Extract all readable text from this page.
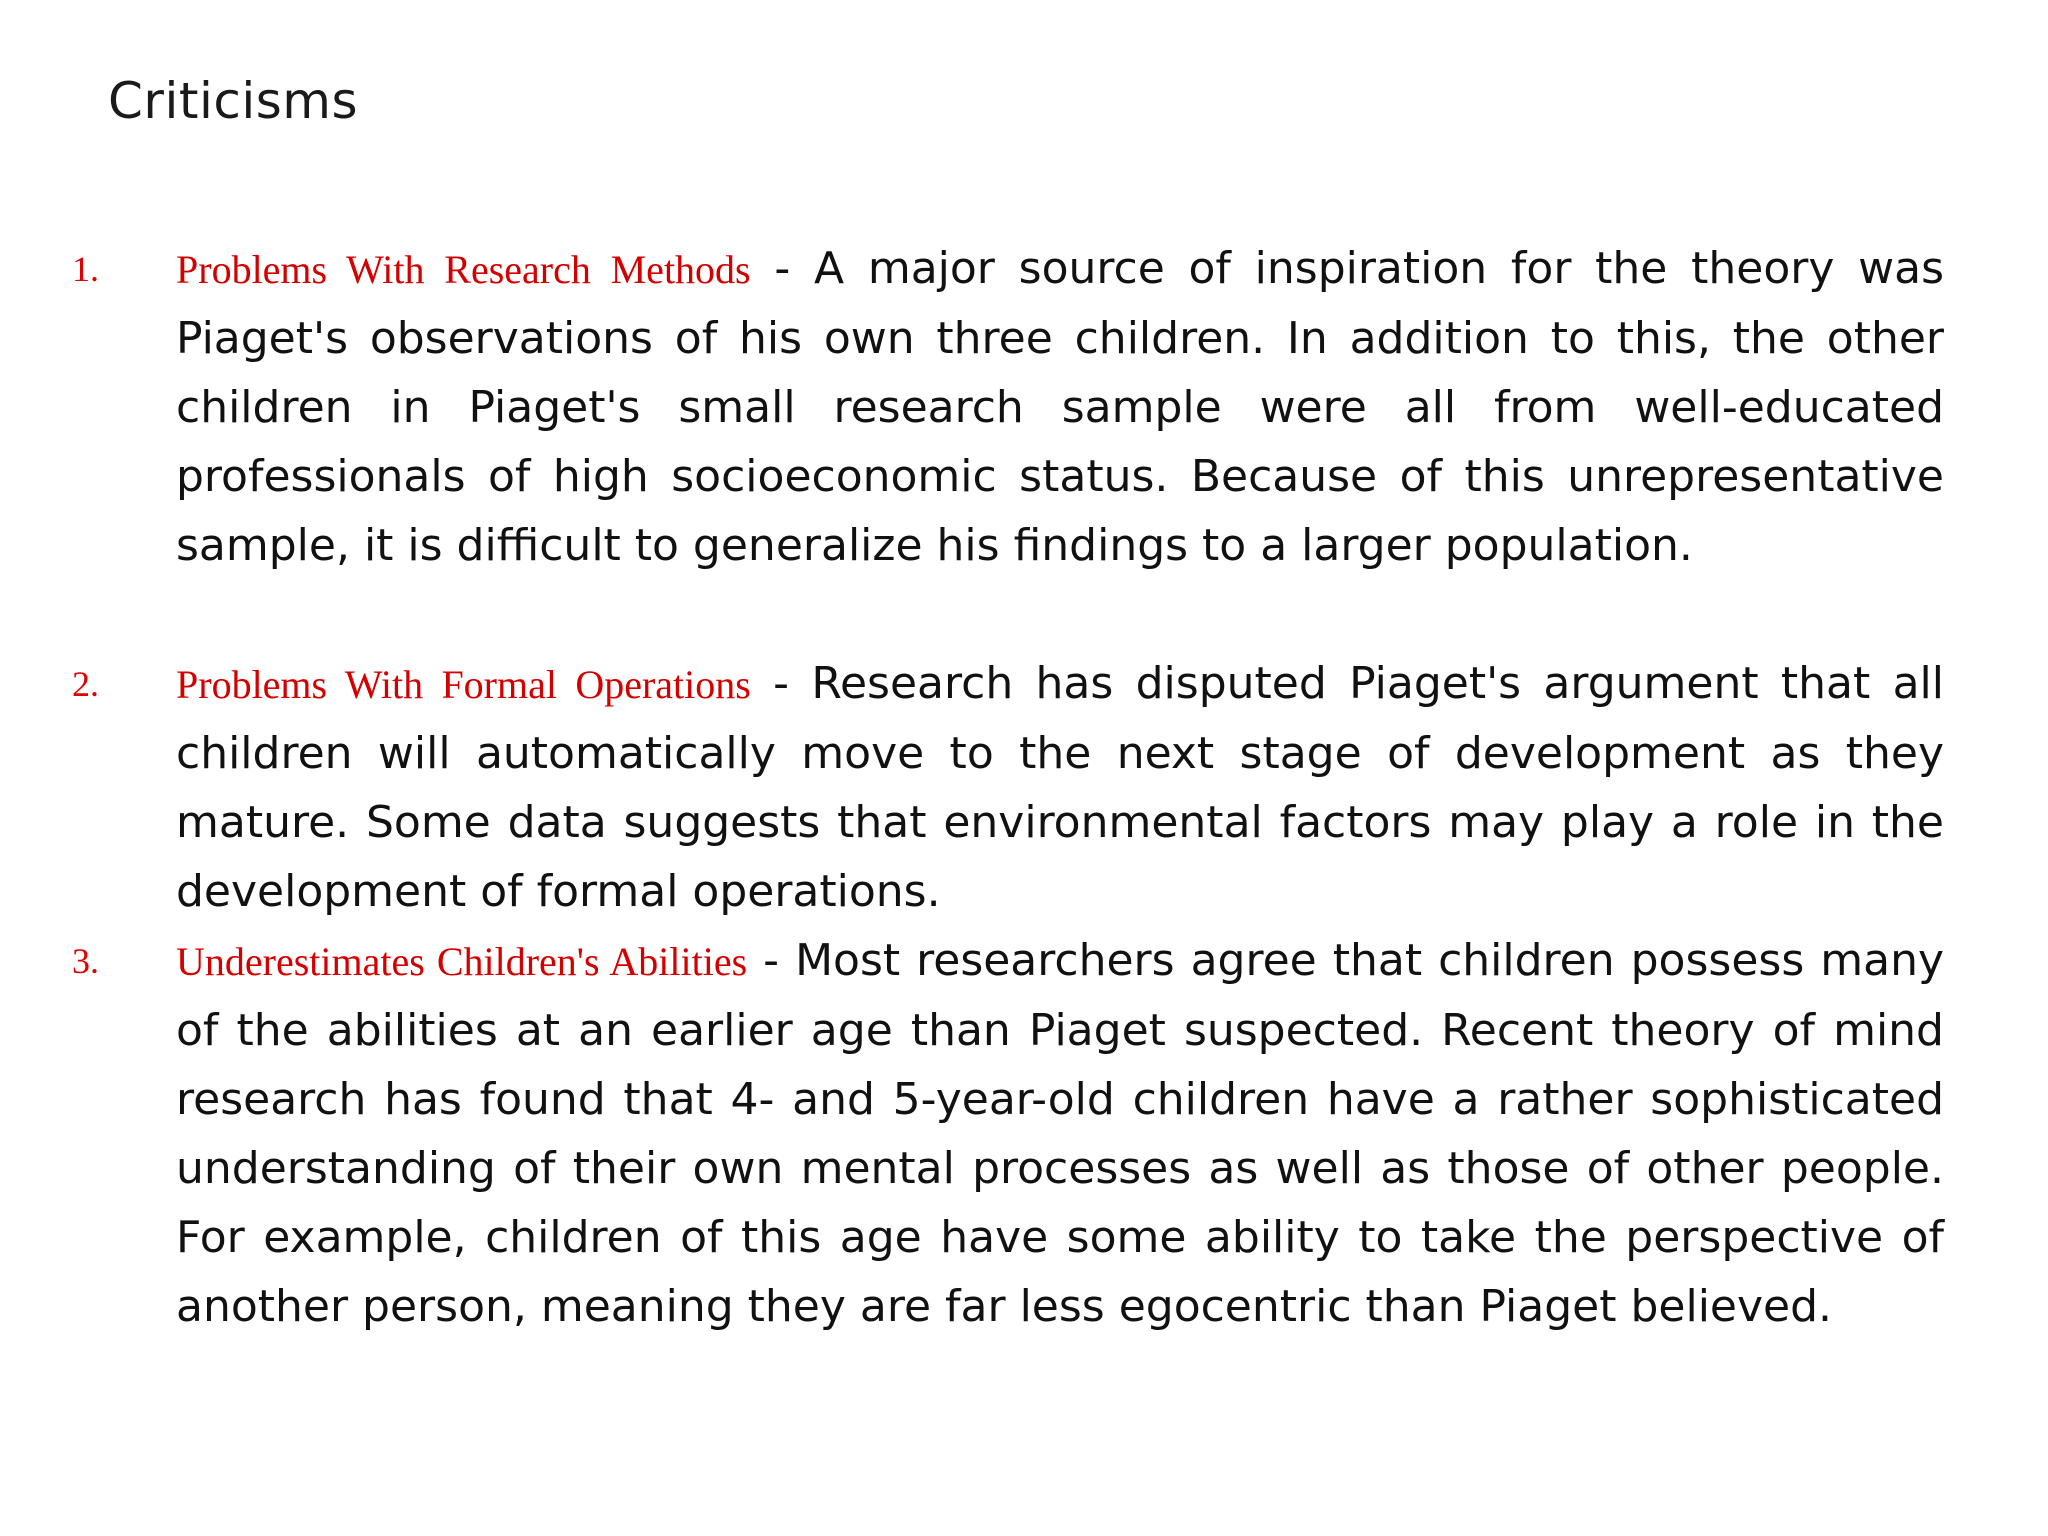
Criticisms
1. Problems With Research Methods - A major source of inspiration for the theory was Piaget's observations of his own three children. In addition to this, the other children in Piaget's small research sample were all from well-educated professionals of high socioeconomic status. Because of this unrepresentative sample, it is difficult to generalize his findings to a larger population.

2. Problems With Formal Operations - Research has disputed Piaget's argument that all children will automatically move to the next stage of development as they mature. Some data suggests that environmental factors may play a role in the development of formal operations.

3. Underestimates Children's Abilities - Most researchers agree that children possess many of the abilities at an earlier age than Piaget suspected. Recent theory of mind research has found that 4- and 5-year-old children have a rather sophisticated understanding of their own mental processes as well as those of other people. For example, children of this age have some ability to take the perspective of another person, meaning they are far less egocentric than Piaget believed.
